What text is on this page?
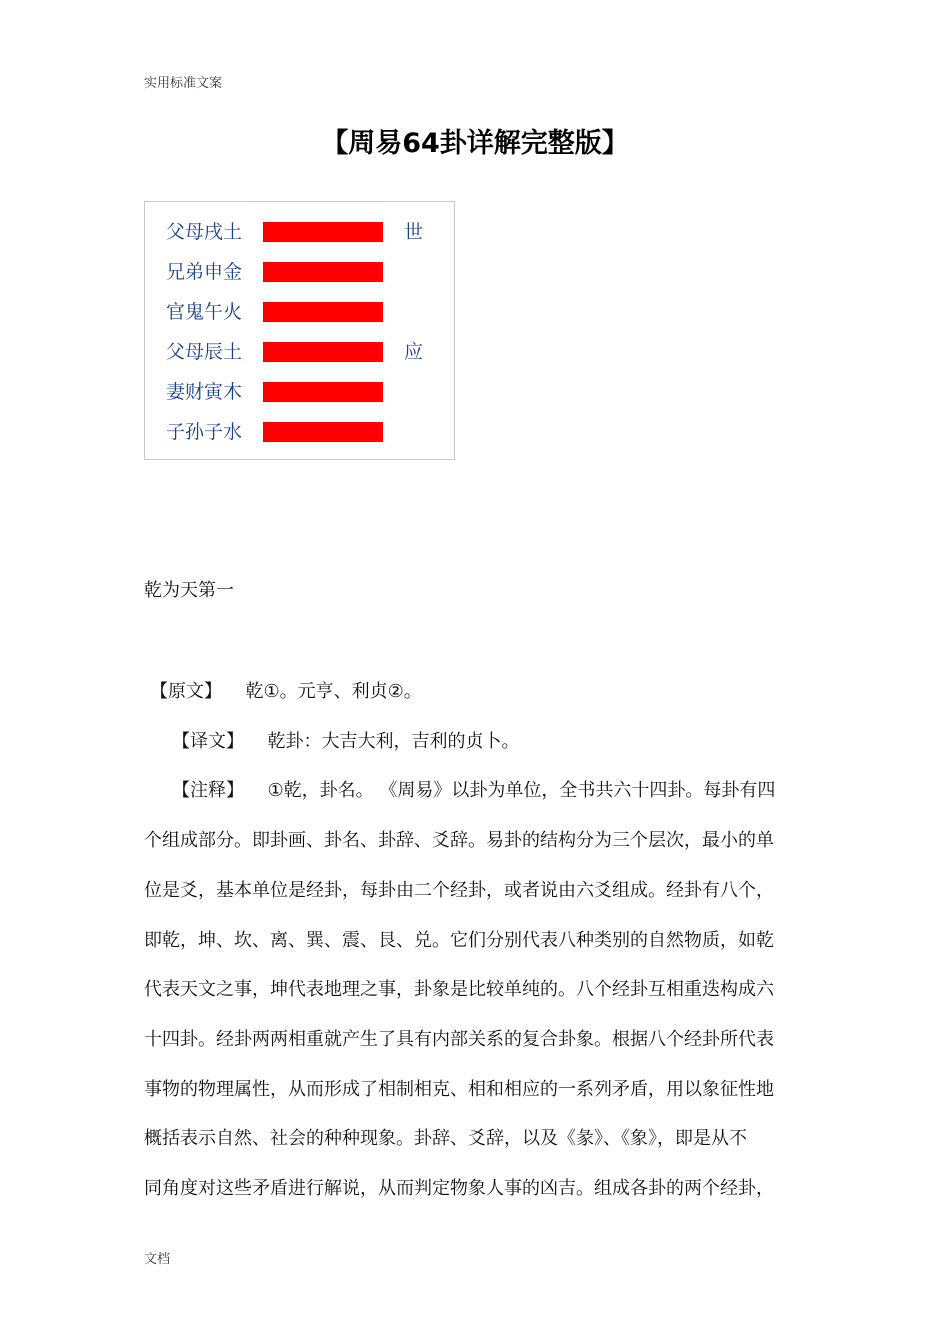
实用标准文案
【周易64卦详解完整版】
父母戌土	世
兄弟申金
官鬼午火
父母辰土	应
妻财寅木
子孙子水
乾为天第一
【原文】 乾①。元亨、利贞②。
【译文】 乾卦：大吉大利，吉利的贞卜。
【注释】 ①乾，卦名。 《周易》以卦为单位，全书共六十四卦。每卦有四
个组成部分。即卦画、卦名、卦辞、爻辞。易卦的结构分为三个层次，最小的单
位是爻，基本单位是经卦，每卦由二个经卦，或者说由六爻组成。经卦有八个，
即乾，坤、坎、离、巽、震、艮、兑。它们分别代表八种类别的自然物质，如乾
代表天文之事，坤代表地理之事，卦象是比较单纯的。八个经卦互相重迭构成六
十四卦。经卦两两相重就产生了具有内部关系的复合卦象。根据八个经卦所代表
事物的物理属性，从而形成了相制相克、相和相应的一系列矛盾，用以象征性地
概括表示自然、社会的种种现象。卦辞、爻辞，以及《彖》、《象》，即是从不
同角度对这些矛盾进行解说，从而判定物象人事的凶吉。组成各卦的两个经卦，
文档
